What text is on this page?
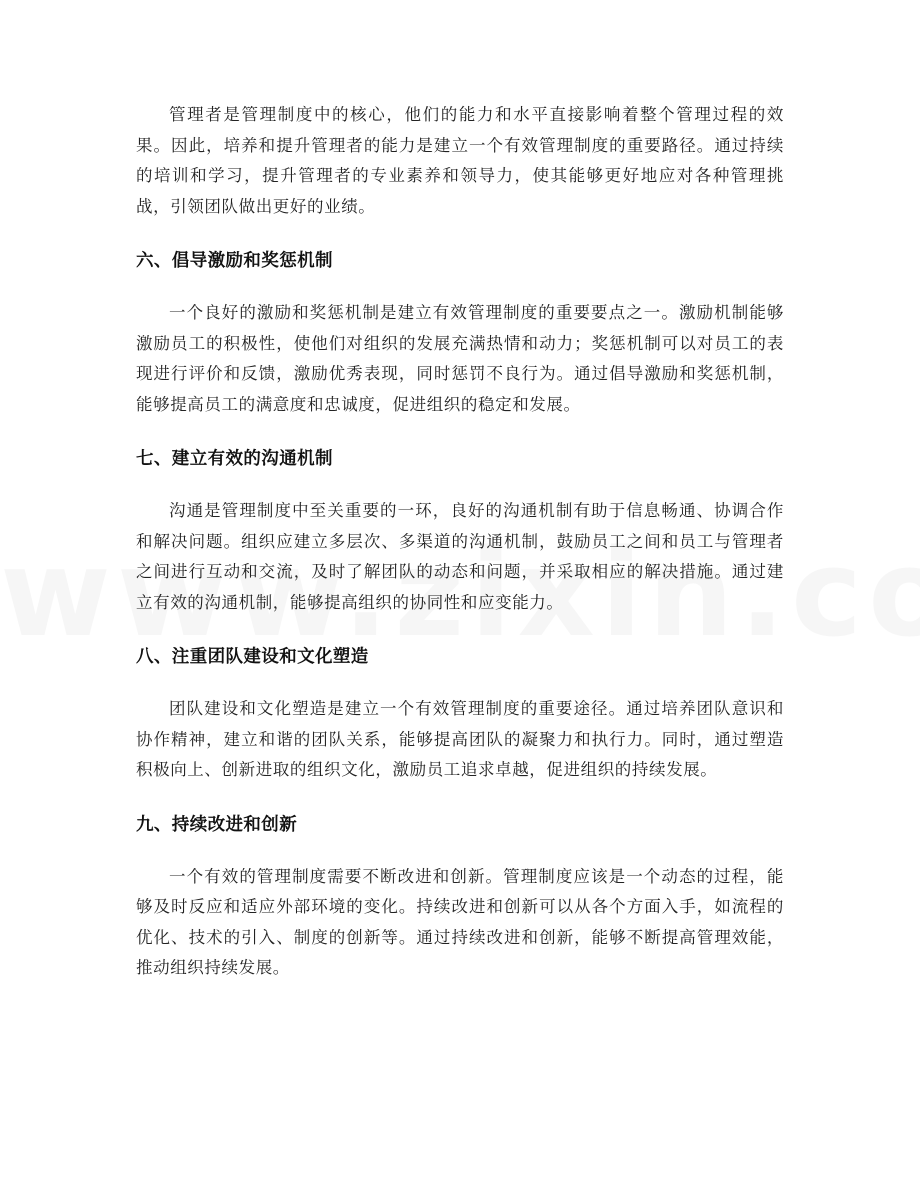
管理者是管理制度中的核心，他们的能力和水平直接影响着整个管理过程的效果。因此，培养和提升管理者的能力是建立一个有效管理制度的重要路径。通过持续的培训和学习，提升管理者的专业素养和领导力，使其能够更好地应对各种管理挑战，引领团队做出更好的业绩。

六、倡导激励和奖惩机制

一个良好的激励和奖惩机制是建立有效管理制度的重要要点之一。激励机制能够激励员工的积极性，使他们对组织的发展充满热情和动力；奖惩机制可以对员工的表现进行评价和反馈，激励优秀表现，同时惩罚不良行为。通过倡导激励和奖惩机制，能够提高员工的满意度和忠诚度，促进组织的稳定和发展。

七、建立有效的沟通机制

沟通是管理制度中至关重要的一环，良好的沟通机制有助于信息畅通、协调合作和解决问题。组织应建立多层次、多渠道的沟通机制，鼓励员工之间和员工与管理者之间进行互动和交流，及时了解团队的动态和问题，并采取相应的解决措施。通过建立有效的沟通机制，能够提高组织的协同性和应变能力。

八、注重团队建设和文化塑造

团队建设和文化塑造是建立一个有效管理制度的重要途径。通过培养团队意识和协作精神，建立和谐的团队关系，能够提高团队的凝聚力和执行力。同时，通过塑造积极向上、创新进取的组织文化，激励员工追求卓越，促进组织的持续发展。

九、持续改进和创新

一个有效的管理制度需要不断改进和创新。管理制度应该是一个动态的过程，能够及时反应和适应外部环境的变化。持续改进和创新可以从各个方面入手，如流程的优化、技术的引入、制度的创新等。通过持续改进和创新，能够不断提高管理效能，推动组织持续发展。
